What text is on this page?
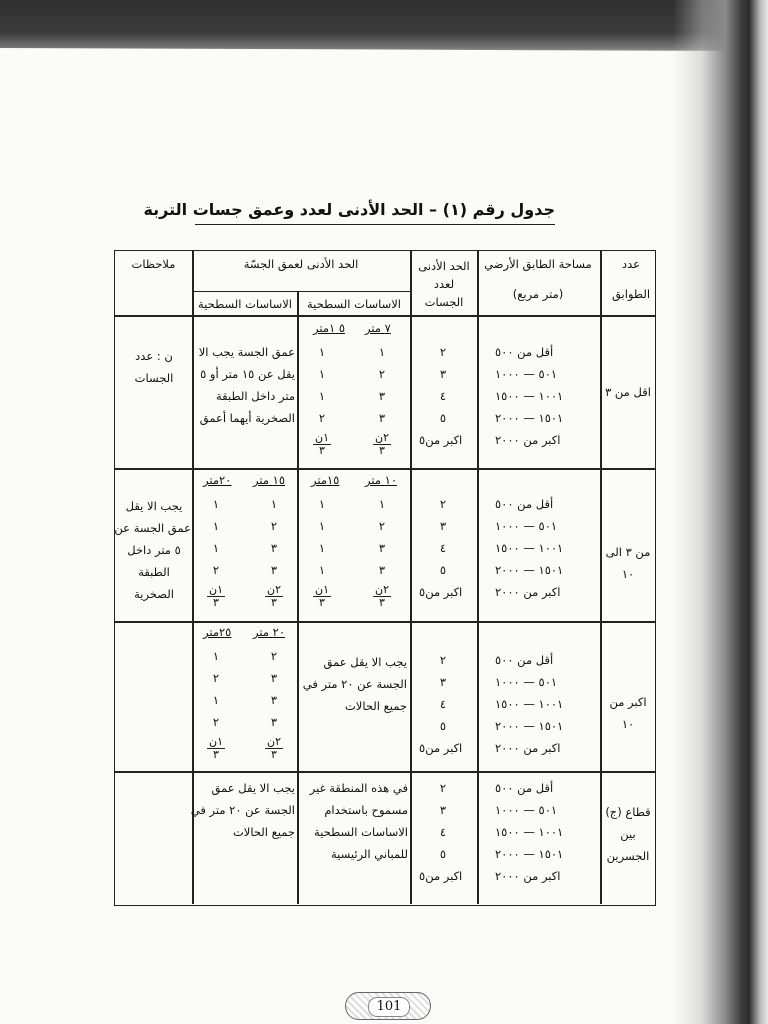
جدول رقم (١) – الحد الأدنى لعدد وعمق جسات التربة
عدد

الطوابق
مساحة الطابق الأرضي

(متر مربع)
الحد الأدنى
لعدد
الجسات
الحد الأدنى لعمق الجسّة
ملاحظات
الاساسات السطحية
الاساسات السطحية
أقل من ٥٠٠
٥٠١ — ١٠٠٠
١٠٠١ — ١٥٠٠
١٥٠١ — ٢٠٠٠
اكبر من ٢٠٠٠
٢
٣
٤
٥
اكبر من٥
أقل من ٥٠٠
٥٠١ — ١٠٠٠
١٠٠١ — ١٥٠٠
١٥٠١ — ٢٠٠٠
اكبر من ٢٠٠٠
٢
٣
٤
٥
اكبر من٥
أقل من ٥٠٠
٥٠١ — ١٠٠٠
١٠٠١ — ١٥٠٠
١٥٠١ — ٢٠٠٠
اكبر من ٢٠٠٠
٢
٣
٤
٥
اكبر من٥
أقل من ٥٠٠
٥٠١ — ١٠٠٠
١٠٠١ — ١٥٠٠
١٥٠١ — ٢٠٠٠
اكبر من ٢٠٠٠
٢
٣
٤
٥
اكبر من٥
اقل من ٣
من ٣ الى
١٠
اكبر من
١٠
قطاع (ج)
بين
الجسرين
٧ متر
٥ ١متر
١
٢
٣
٣
١
١
١
٢
٢ن
٣
١ن
٣
عمق الجسة يجب الا
يقل عن ١٥ متر أو ٥
متر داخل الطبقة
الصخرية أيهما أعمق
ن : عدد
الجسات
١٠ متر
١٥متر
١٥ متر
٢٠متر
١
٢
٣
٣
١
١
١
١
١
٢
٣
٣
١
١
١
٢
٢ن
٣
١ن
٣
٢ن
٣
١ن
٣
يجب الا يقل
عمق الجسة عن
٥ متر داخل
الطبقة
الصخرية
يجب الا يقل عمق
الجسة عن ٢٠ متر في
جميع الحالات
٢٠ متر
٢٥متر
٢
٣
٣
٣
١
٢
١
٢
٢ن
٣
١ن
٣
في هذه المنطقة غير
مسموح باستخدام
الاساسات السطحية
للمباني الرئيسية
يجب الا يقل عمق
الجسة عن ٢٠ متر في
جميع الحالات
101
